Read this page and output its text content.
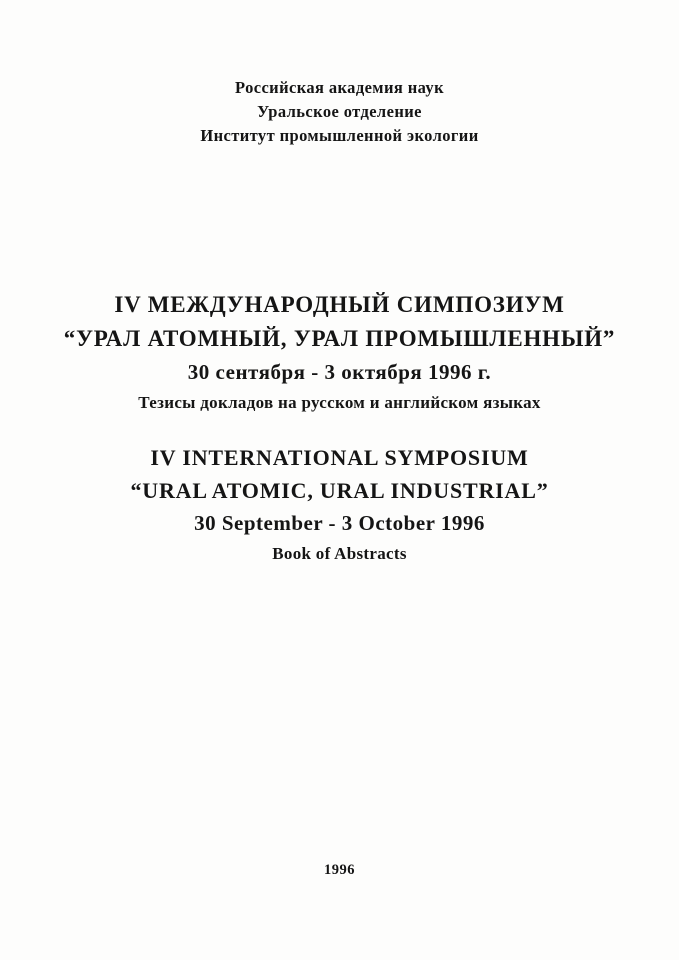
Российская академия наук
Уральское отделение
Институт промышленной экологии
IV МЕЖДУНАРОДНЫЙ СИМПОЗИУМ
“УРАЛ АТОМНЫЙ, УРАЛ ПРОМЫШЛЕННЫЙ”
30 сентября - 3 октября 1996 г.
Тезисы докладов на русском и английском языках
IV INTERNATIONAL SYMPOSIUM
“URAL ATOMIC, URAL INDUSTRIAL”
30 September - 3 October 1996
Book of Abstracts
1996
